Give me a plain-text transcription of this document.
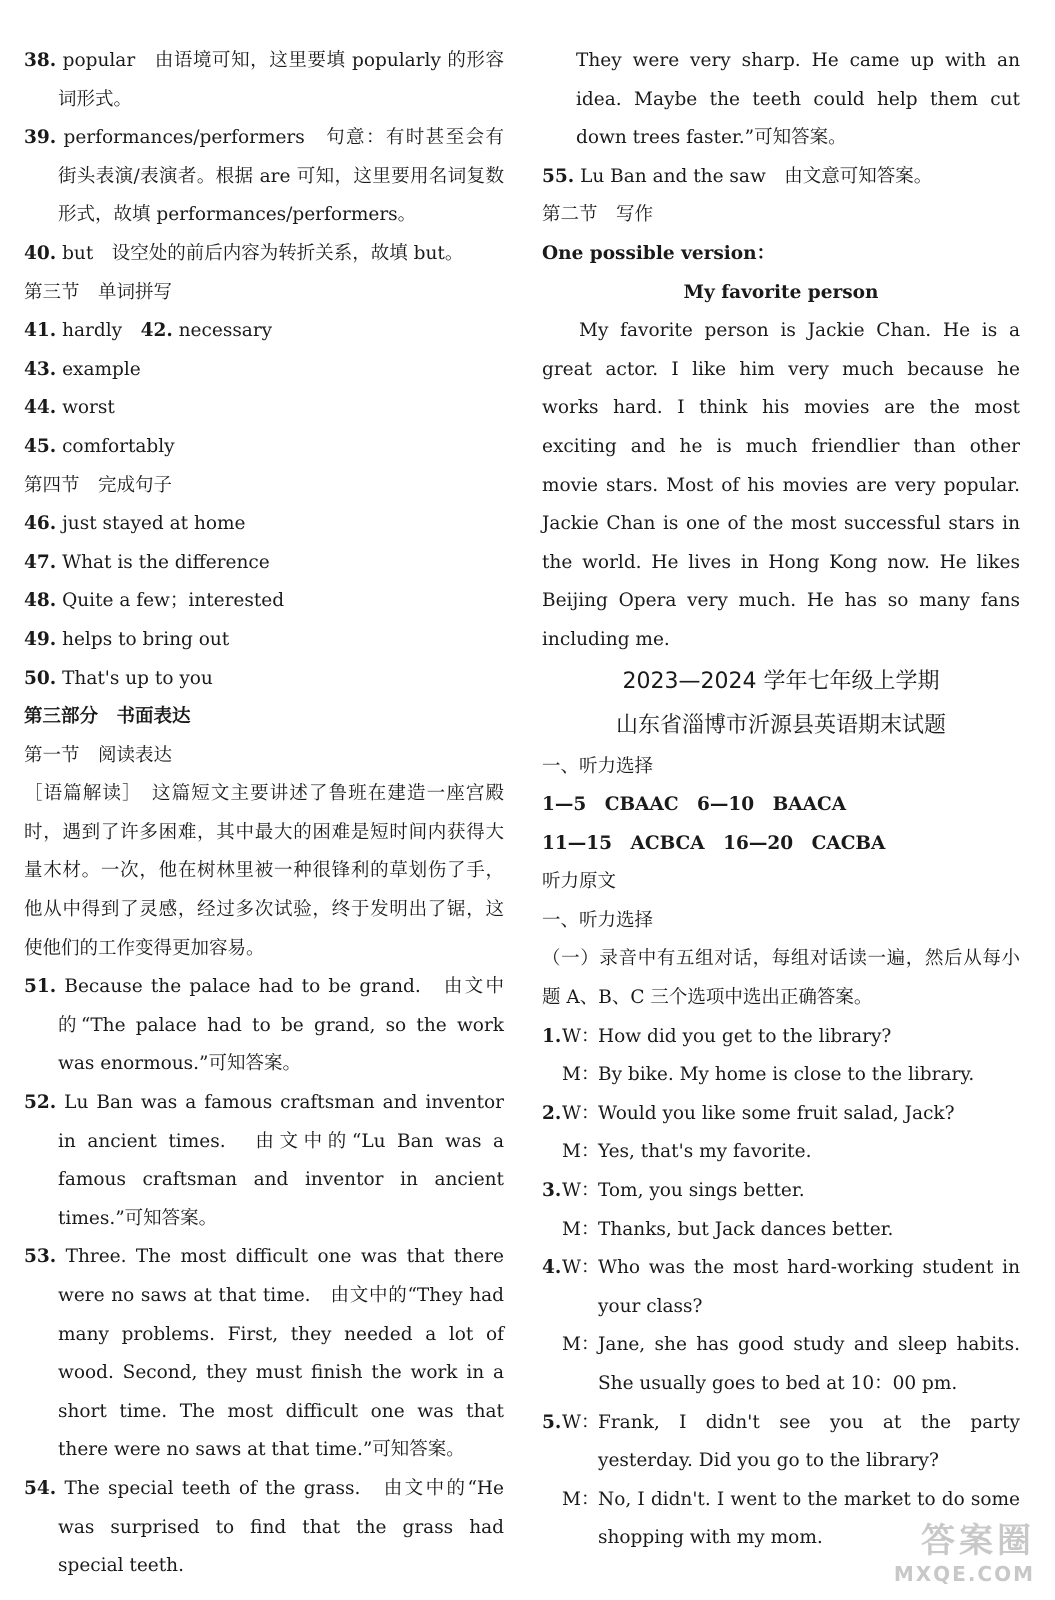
38. popular　由语境可知，这里要填 popularly 的形容词形式。

39. performances/performers　句意：有时甚至会有街头表演/表演者。根据 are 可知，这里要用名词复数形式，故填 performances/performers。

40. but　设空处的前后内容为转折关系，故填 but。

第三节　单词拼写

41. hardly　42. necessary

43. example

44. worst

45. comfortably

第四节　完成句子

46. just stayed at home

47. What is the difference

48. Quite a few；interested

49. helps to bring out

50. That's up to you

第三部分　书面表达

第一节　阅读表达

［语篇解读］　这篇短文主要讲述了鲁班在建造一座宫殿时，遇到了许多困难，其中最大的困难是短时间内获得大量木材。一次，他在树林里被一种很锋利的草划伤了手，他从中得到了灵感，经过多次试验，终于发明出了锯，这使他们的工作变得更加容易。

51. Because the palace had to be grand.　由文中的“The palace had to be grand, so the work was enormous.”可知答案。

52. Lu Ban was a famous craftsman and inventor in ancient times.　由文中的“Lu Ban was a famous craftsman and inventor in ancient times.”可知答案。

53. Three. The most difficult one was that there were no saws at that time.　由文中的“They had many problems. First, they needed a lot of wood. Second, they must finish the work in a short time. The most difficult one was that there were no saws at that time.”可知答案。

54. The special teeth of the grass.　由文中的“He was surprised to find that the grass had special teeth.

They were very sharp. He came up with an idea. Maybe the teeth could help them cut down trees faster.”可知答案。

55. Lu Ban and the saw　由文意可知答案。

第二节　写作

One possible version：

My favorite person

My favorite person is Jackie Chan. He is a great actor. I like him very much because he works hard. I think his movies are the most exciting and he is much friendlier than other movie stars. Most of his movies are very popular. Jackie Chan is one of the most successful stars in the world. He lives in Hong Kong now. He likes Beijing Opera very much. He has so many fans including me.

2023—2024 学年七年级上学期

山东省淄博市沂源县英语期末试题

一、听力选择

1—5　CBAAC　6—10　BAACA

11—15　ACBCA　16—20　CACBA

听力原文

一、听力选择

（一）录音中有五组对话，每组对话读一遍，然后从每小题 A、B、C 三个选项中选出正确答案。

1.W：How did you get to the library?

M：By bike. My home is close to the library.

2.W：Would you like some fruit salad, Jack?

M：Yes, that's my favorite.

3.W：Tom, you sings better.

M：Thanks, but Jack dances better.

4.W：Who was the most hard-working student in your class?

M：Jane, she has good study and sleep habits. She usually goes to bed at 10：00 pm.

5.W：Frank, I didn't see you at the party yesterday. Did you go to the library?

M：No, I didn't. I went to the market to do some shopping with my mom.	答案圈
MXQE.COM
